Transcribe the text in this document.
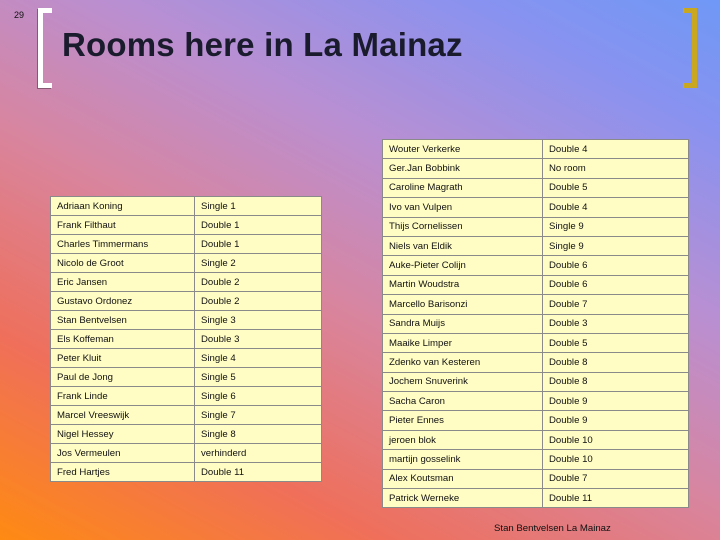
29
Rooms here in La Mainaz
Adriaan Koning	Single 1
Frank Filthaut	Double 1
Charles Timmermans	Double 1
Nicolo de Groot	Single 2
Eric Jansen	Double 2
Gustavo Ordonez	Double 2
Stan Bentvelsen	Single 3
Els Koffeman	Double 3
Peter Kluit	Single 4
Paul de Jong	Single 5
Frank Linde	Single 6
Marcel Vreeswijk	Single 7
Nigel Hessey	Single 8
Jos Vermeulen	verhinderd
Fred Hartjes	Double 11
Wouter Verkerke	Double 4
Ger.Jan Bobbink	No room
Caroline Magrath	Double 5
Ivo van Vulpen	Double 4
Thijs Cornelissen	Single 9
Niels van Eldik	Single 9
Auke-Pieter Colijn	Double 6
Martin Woudstra	Double 6
Marcello Barisonzi	Double 7
Sandra Muijs	Double 3
Maaike Limper	Double 5
Zdenko van Kesteren	Double 8
Jochem Snuverink	Double 8
Sacha Caron	Double 9
Pieter Ennes	Double 9
jeroen blok	Double 10
martijn gosselink	Double 10
Alex Koutsman	Double 7
Patrick Werneke	Double 11
Stan Bentvelsen La Mainaz
